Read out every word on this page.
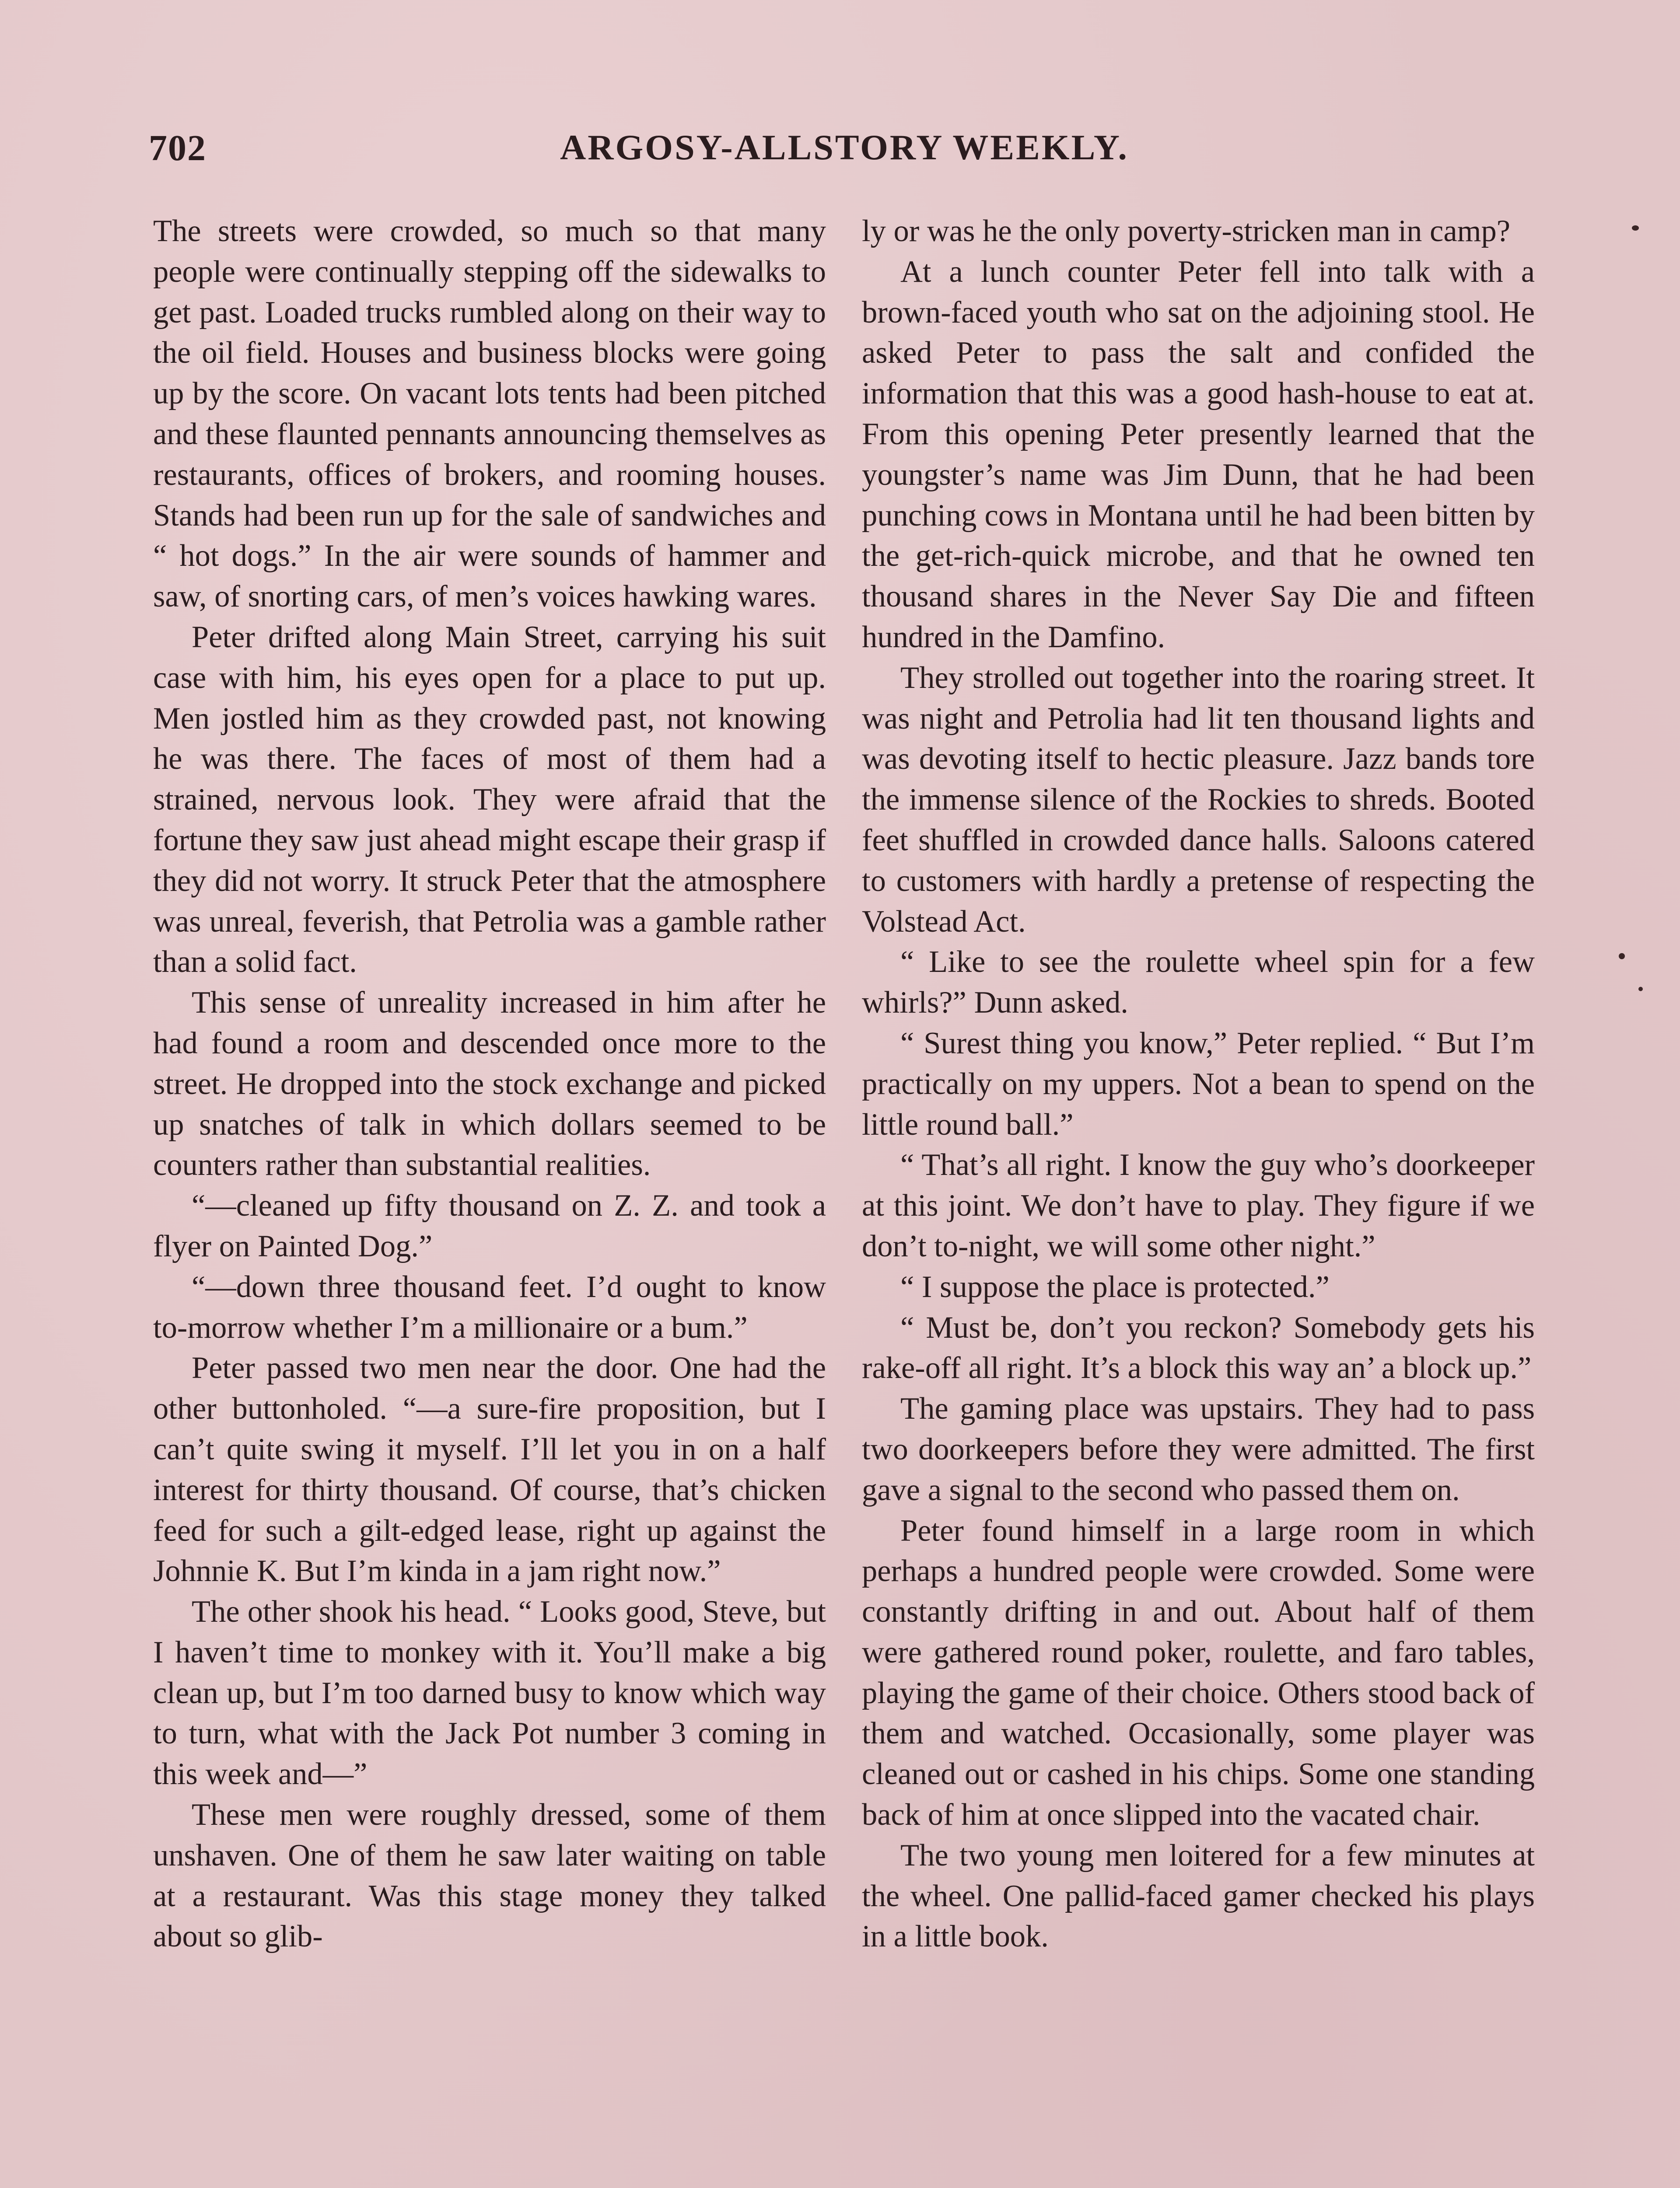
702	ARGOSY-ALLSTORY WEEKLY.

The streets were crowded, so much so that many people were continually stepping off the sidewalks to get past. Loaded trucks rumbled along on their way to the oil field. Houses and business blocks were going up by the score. On vacant lots tents had been pitched and these flaunted pennants announcing themselves as restaurants, offices of brokers, and rooming houses. Stands had been run up for the sale of sandwiches and “ hot dogs.” In the air were sounds of hammer and saw, of snorting cars, of men’s voices hawking wares.

Peter drifted along Main Street, carrying his suit case with him, his eyes open for a place to put up. Men jostled him as they crowded past, not knowing he was there. The faces of most of them had a strained, nervous look. They were afraid that the fortune they saw just ahead might escape their grasp if they did not worry. It struck Peter that the atmosphere was unreal, feverish, that Petrolia was a gamble rather than a solid fact.

This sense of unreality increased in him after he had found a room and descended once more to the street. He dropped into the stock exchange and picked up snatches of talk in which dollars seemed to be counters rather than substantial realities.

“—cleaned up fifty thousand on Z. Z. and took a flyer on Painted Dog.”

“—down three thousand feet. I’d ought to know to-morrow whether I’m a millionaire or a bum.”

Peter passed two men near the door. One had the other buttonholed. “—a sure-fire proposition, but I can’t quite swing it myself. I’ll let you in on a half interest for thirty thousand. Of course, that’s chicken feed for such a gilt-edged lease, right up against the Johnnie K. But I’m kinda in a jam right now.”

The other shook his head. “ Looks good, Steve, but I haven’t time to monkey with it. You’ll make a big clean up, but I’m too darned busy to know which way to turn, what with the Jack Pot number 3 coming in this week and—”

These men were roughly dressed, some of them unshaven. One of them he saw later waiting on table at a restaurant. Was this stage money they talked about so glib-

ly or was he the only poverty-stricken man in camp?

At a lunch counter Peter fell into talk with a brown-faced youth who sat on the adjoining stool. He asked Peter to pass the salt and confided the information that this was a good hash-house to eat at. From this opening Peter presently learned that the youngster’s name was Jim Dunn, that he had been punching cows in Montana until he had been bitten by the get-rich-quick microbe, and that he owned ten thousand shares in the Never Say Die and fifteen hundred in the Damfino.

They strolled out together into the roaring street. It was night and Petrolia had lit ten thousand lights and was devoting itself to hectic pleasure. Jazz bands tore the immense silence of the Rockies to shreds. Booted feet shuffled in crowded dance halls. Saloons catered to customers with hardly a pretense of respecting the Volstead Act.

“ Like to see the roulette wheel spin for a few whirls?” Dunn asked.

“ Surest thing you know,” Peter replied. “ But I’m practically on my uppers. Not a bean to spend on the little round ball.”

“ That’s all right. I know the guy who’s doorkeeper at this joint. We don’t have to play. They figure if we don’t to-night, we will some other night.”

“ I suppose the place is protected.”

“ Must be, don’t you reckon? Somebody gets his rake-off all right. It’s a block this way an’ a block up.”

The gaming place was upstairs. They had to pass two doorkeepers before they were admitted. The first gave a signal to the second who passed them on.

Peter found himself in a large room in which perhaps a hundred people were crowded. Some were constantly drifting in and out. About half of them were gathered round poker, roulette, and faro tables, playing the game of their choice. Others stood back of them and watched. Occasionally, some player was cleaned out or cashed in his chips. Some one standing back of him at once slipped into the vacated chair.

The two young men loitered for a few minutes at the wheel. One pallid-faced gamer checked his plays in a little book.
